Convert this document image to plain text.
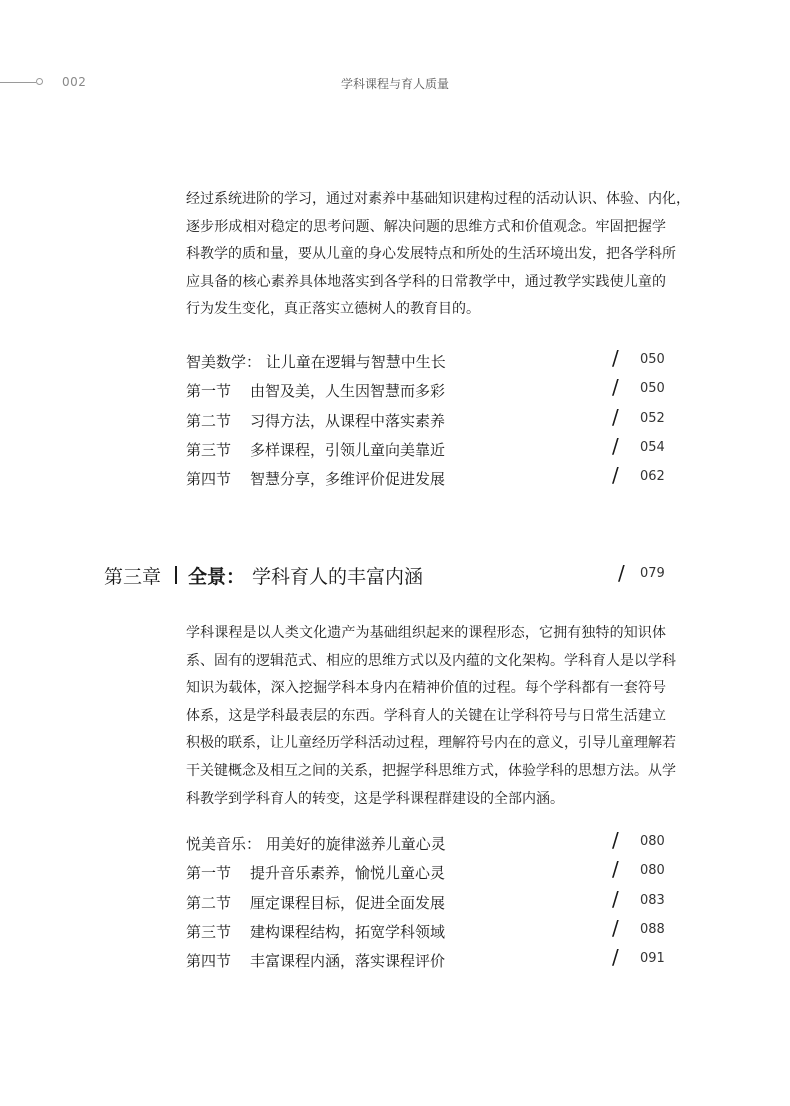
002	学科课程与育人质量

经过系统进阶的学习，通过对素养中基础知识建构过程的活动认识、体验、内化，
逐步形成相对稳定的思考问题、解决问题的思维方式和价值观念。牢固把握学
科教学的质和量，要从儿童的身心发展特点和所处的生活环境出发，把各学科所
应具备的核心素养具体地落实到各学科的日常教学中，通过教学实践使儿童的
行为发生变化，真正落实立德树人的教育目的。

智美数学： 让儿童在逻辑与智慧中生长	/ 050
第一节 由智及美，人生因智慧而多彩	/ 050
第二节 习得方法，从课程中落实素养	/ 052
第三节 多样课程，引领儿童向美靠近	/ 054
第四节 智慧分享，多维评价促进发展	/ 062
第三章 全景： 学科育人的丰富内涵	/ 079

学科课程是以人类文化遗产为基础组织起来的课程形态，它拥有独特的知识体
系、固有的逻辑范式、相应的思维方式以及内蕴的文化架构。学科育人是以学科
知识为载体，深入挖掘学科本身内在精神价值的过程。每个学科都有一套符号
体系，这是学科最表层的东西。学科育人的关键在让学科符号与日常生活建立
积极的联系，让儿童经历学科活动过程，理解符号内在的意义，引导儿童理解若
干关键概念及相互之间的关系，把握学科思维方式，体验学科的思想方法。从学
科教学到学科育人的转变，这是学科课程群建设的全部内涵。

悦美音乐： 用美好的旋律滋养儿童心灵	/ 080
第一节 提升音乐素养，愉悦儿童心灵	/ 080
第二节 厘定课程目标，促进全面发展	/ 083
第三节 建构课程结构，拓宽学科领域	/ 088
第四节 丰富课程内涵，落实课程评价	/ 091
